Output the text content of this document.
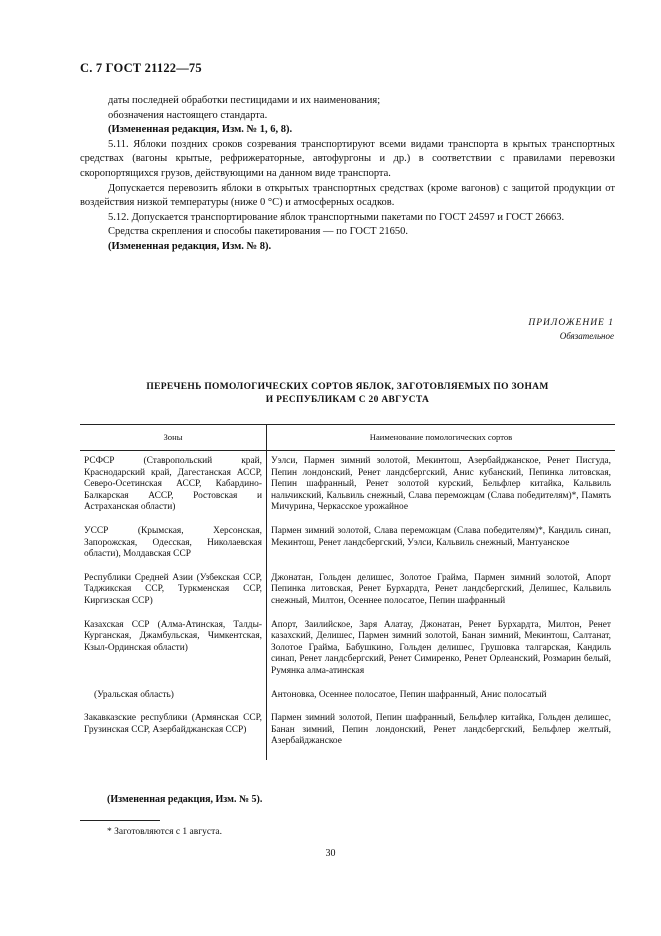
С. 7 ГОСТ 21122—75

даты последней обработки пестицидами и их наименования;

обозначения настоящего стандарта.

(Измененная редакция, Изм. № 1, 6, 8).

5.11. Яблоки поздних сроков созревания транспортируют всеми видами транспорта в крытых транспортных средствах (вагоны крытые, рефрижераторные, автофургоны и др.) в соответствии с правилами перевозки скоропортящихся грузов, действующими на данном виде транспорта.

Допускается перевозить яблоки в открытых транспортных средствах (кроме вагонов) с защитой продукции от воздействия низкой температуры (ниже 0 °С) и атмосферных осадков.

5.12. Допускается транспортирование яблок транспортными пакетами по ГОСТ 24597 и ГОСТ 26663.

Средства скрепления и способы пакетирования — по ГОСТ 21650.

(Измененная редакция, Изм. № 8).

ПРИЛОЖЕНИЕ 1
Обязательное
ПЕРЕЧЕНЬ ПОМОЛОГИЧЕСКИХ СОРТОВ ЯБЛОК, ЗАГОТОВЛЯЕМЫХ ПО ЗОНАМ
И РЕСПУБЛИКАМ С 20 АВГУСТА
Зоны	Наименование помологических сортов
РСФСР (Ставропольский край, Краснодарский край, Дагестанская АССР, Северо-Осетинская АССР, Кабардино-Балкарская АССР, Ростовская и Астраханская области)	Уэлси, Пармен зимний золотой, Мекинтош, Азербайджанское, Ренет Писгуда, Пепин лондонский, Ренет ландсбергский, Анис кубанский, Пепинка литовская, Пепин шафранный, Ренет золотой курский, Бельфлер китайка, Кальвиль нальчикский, Кальвиль снежный, Слава переможцам (Слава победителям)*, Память Мичурина, Черкасское урожайное
УССР (Крымская, Херсонская, Запорожская, Одесская, Николаевская области), Молдавская ССР	Пармен зимний золотой, Слава переможцам (Слава победителям)*, Кандиль синап, Мекинтош, Ренет ландсбергский, Уэлси, Кальвиль снежный, Мантуанское
Республики Средней Азии (Узбекская ССР, Таджикская ССР, Туркменская ССР, Киргизская ССР)	Джонатан, Гольден делишес, Золотое Грайма, Пармен зимний золотой, Апорт Пепинка литовская, Ренет Бурхардта, Ренет ландсбергский, Делишес, Кальвиль снежный, Милтон, Осеннее полосатое, Пепин шафранный
Казахская ССР (Алма-Атинская, Талды-Курганская, Джамбульская, Чимкентская, Кзыл-Ординская области)	Апорт, Заилийское, Заря Алатау, Джонатан, Ренет Бурхардта, Милтон, Ренет казахский, Делишес, Пармен зимний золотой, Банан зимний, Мекинтош, Салтанат, Золотое Грайма, Бабушкино, Гольден делишес, Грушовка талгарская, Кандиль синап, Ренет ландсбергский, Ренет Симиренко, Ренет Орлеанский, Розмарин белый, Румянка алма-атинская

(Уральская область)	Антоновка, Осеннее полосатое, Пепин шафранный, Анис полосатый
Закавказские республики (Армянская ССР, Грузинская ССР, Азербайджанская ССР)	Пармен зимний золотой, Пепин шафранный, Бельфлер китайка, Гольден делишес, Банан зимний, Пепин лондонский, Ренет ландсбергский, Бельфлер желтый, Азербайджанское
(Измененная редакция, Изм. № 5).
* Заготовляются с 1 августа.
30
